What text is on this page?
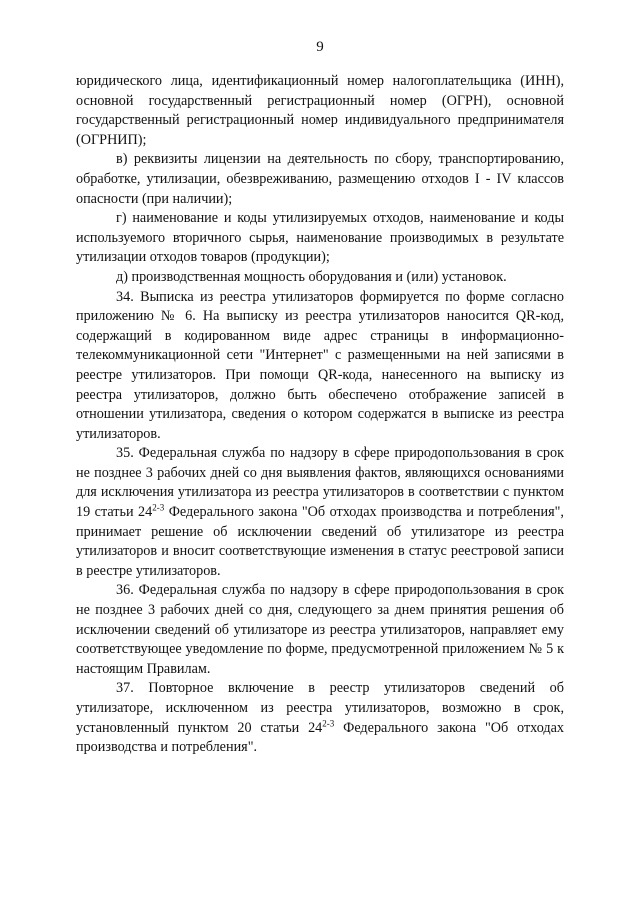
9

юридического лица, идентификационный номер налогоплательщика (ИНН), основной государственный регистрационный номер (ОГРН), основной государственный регистрационный номер индивидуального предпринимателя (ОГРНИП);

в) реквизиты лицензии на деятельность по сбору, транспортированию, обработке, утилизации, обезвреживанию, размещению отходов I - IV классов опасности (при наличии);

г) наименование и коды утилизируемых отходов, наименование и коды используемого вторичного сырья, наименование производимых в результате утилизации отходов товаров (продукции);

д) производственная мощность оборудования и (или) установок.

34. Выписка из реестра утилизаторов формируется по форме согласно приложению № 6. На выписку из реестра утилизаторов наносится QR-код, содержащий в кодированном виде адрес страницы в информационно-телекоммуникационной сети "Интернет" с размещенными на ней записями в реестре утилизаторов. При помощи QR-кода, нанесенного на выписку из реестра утилизаторов, должно быть обеспечено отображение записей в отношении утилизатора, сведения о котором содержатся в выписке из реестра утилизаторов.

35. Федеральная служба по надзору в сфере природопользования в срок не позднее 3 рабочих дней со дня выявления фактов, являющихся основаниями для исключения утилизатора из реестра утилизаторов в соответствии с пунктом 19 статьи 24$^{2-3}$ Федерального закона "Об отходах производства и потребления", принимает решение об исключении сведений об утилизаторе из реестра утилизаторов и вносит соответствующие изменения в статус реестровой записи в реестре утилизаторов.

36. Федеральная служба по надзору в сфере природопользования в срок не позднее 3 рабочих дней со дня, следующего за днем принятия решения об исключении сведений об утилизаторе из реестра утилизаторов, направляет ему соответствующее уведомление по форме, предусмотренной приложением № 5 к настоящим Правилам.

37. Повторное включение в реестр утилизаторов сведений об утилизаторе, исключенном из реестра утилизаторов, возможно в срок, установленный пунктом 20 статьи 24$^{2-3}$ Федерального закона "Об отходах производства и потребления".
